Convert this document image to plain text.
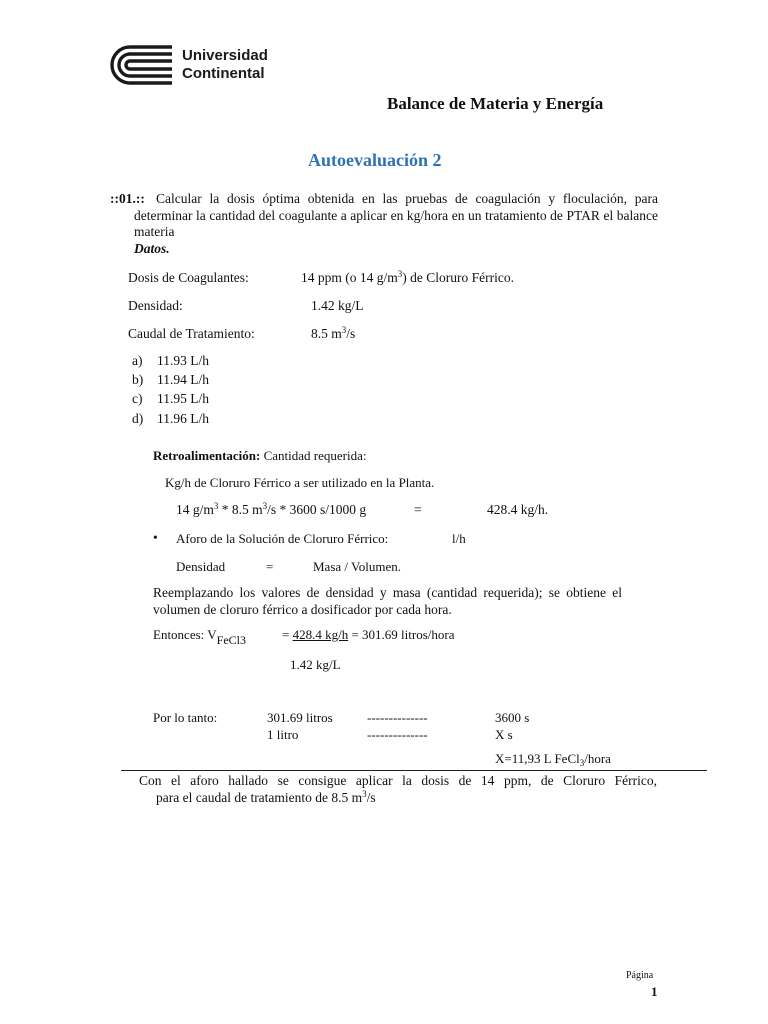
Universidad
Continental
Balance de Materia y Energía
Autoevaluación 2
::01.:: Calcular la dosis óptima obtenida en las pruebas de coagulación y floculación, para determinar la cantidad del coagulante a aplicar en kg/hora en un tratamiento de PTAR el balance materia
Datos.
Dosis de Coagulantes:	14 ppm (o 14 $g/m^3$) de Cloruro Férrico.
Densidad:	1.42 kg/L
Caudal de Tratamiento:	8.5 $m^3/s$
a) 11.93 L/h
b) 11.94 L/h
c) 11.95 L/h
d) 11.96 L/h
Retroalimentación: Cantidad requerida:
Kg/h de Cloruro Férrico a ser utilizado en la Planta.
14 $g/m^3 * 8.5$ $m^3/s * 3600$ s/1000 g	=	428.4 kg/h.
• Aforo de la Solución de Cloruro Férrico:	l/h
Densidad	=	Masa / Volumen.
Reemplazando los valores de densidad y masa (cantidad requerida); se obtiene el volumen de cloruro férrico a dosificador por cada hora.
Entonces: $V_{FeCl3}$	= 428.4 kg/h = 301.69 litros/hora
1.42 kg/L
Por lo tanto:	301.69 litros	--------------	3600 s
1 litro	--------------	X s
X=11,93 L FeCl$_3$/hora
Con el aforo hallado se consigue aplicar la dosis de 14 ppm, de Cloruro Férrico,
para el caudal de tratamiento de 8.5 $m^3/s$
Página
1
